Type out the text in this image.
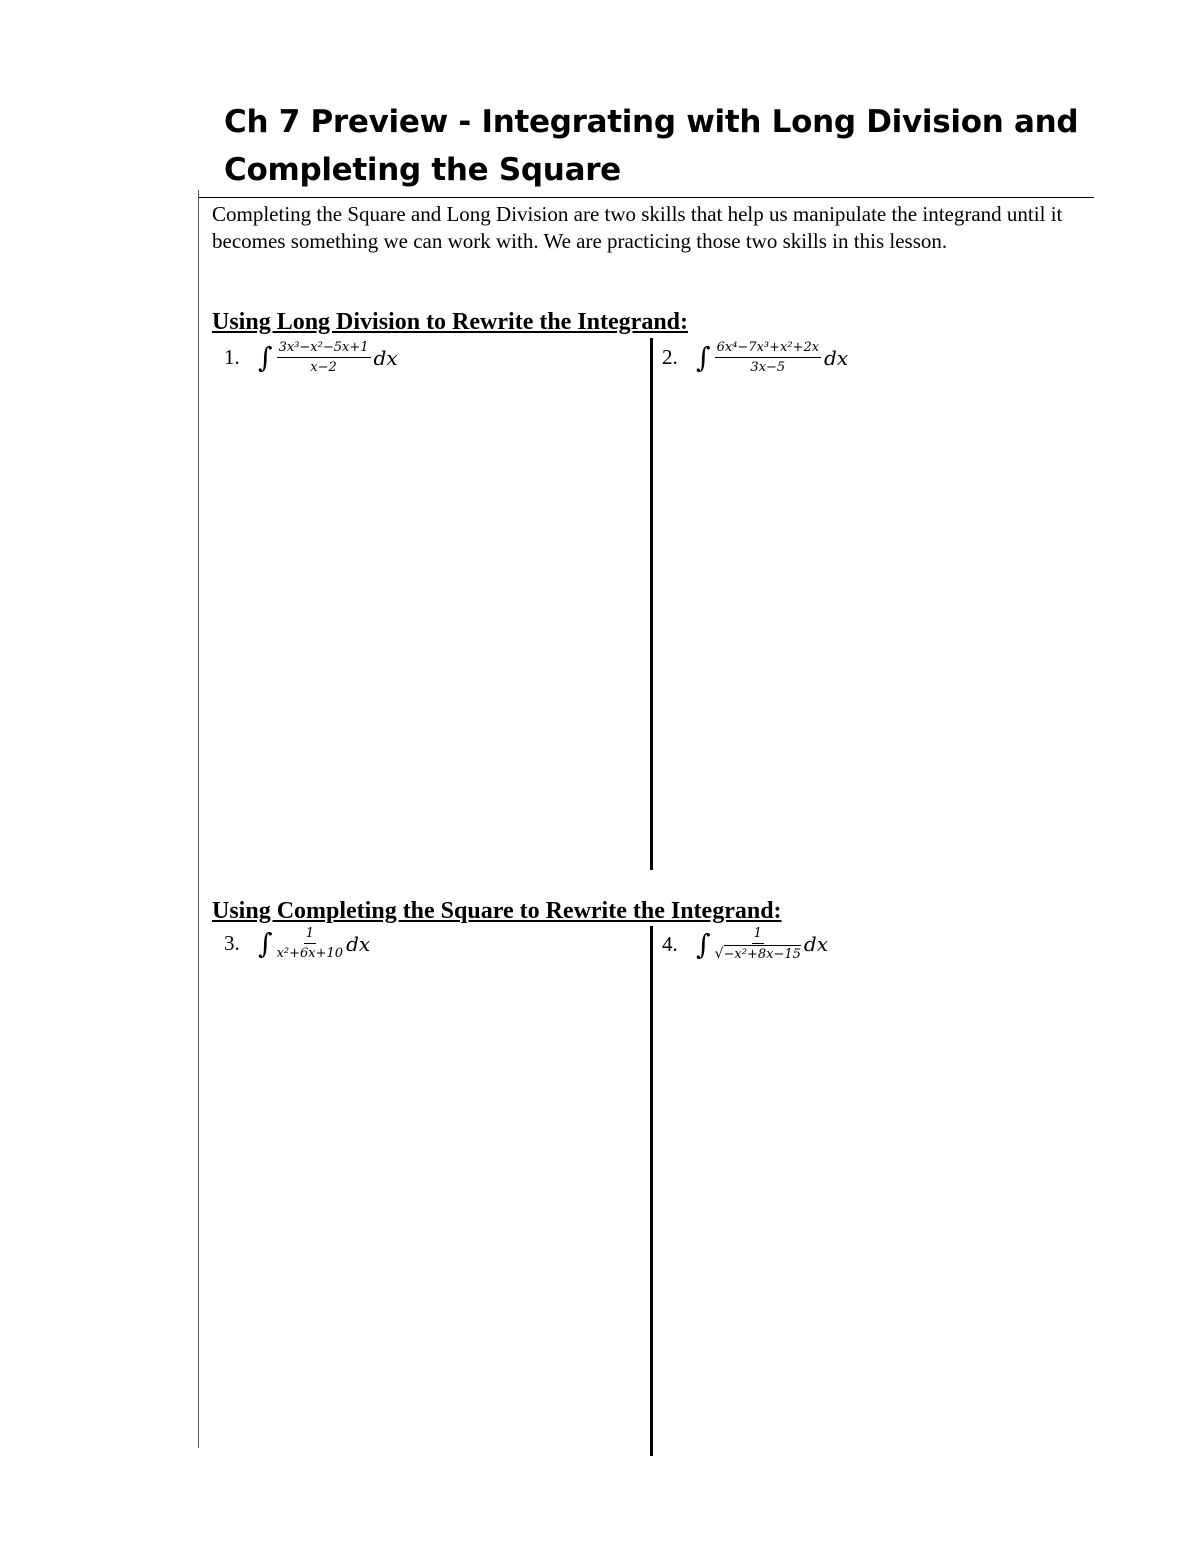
Ch 7 Preview - Integrating with Long Division and
Completing the Square
Completing the Square and Long Division are two skills that help us manipulate the integrand until it becomes something we can work with. We are practicing those two skills in this lesson.
Using Long Division to Rewrite the Integrand:
1. ∫ $\frac{\text{3x³−x²−5x+1}}{x-2}$ dx	2. ∫ $\frac{\text{6x⁴−7x³+x²+2x}}{3x-5}$ dx
Using Completing the Square to Rewrite the Integrand:
3. ∫ $\frac{1}{\text{x²+6x+10}}$ dx	4. ∫ $\frac{1}{\text{√−x²+8x−15}}$ dx
